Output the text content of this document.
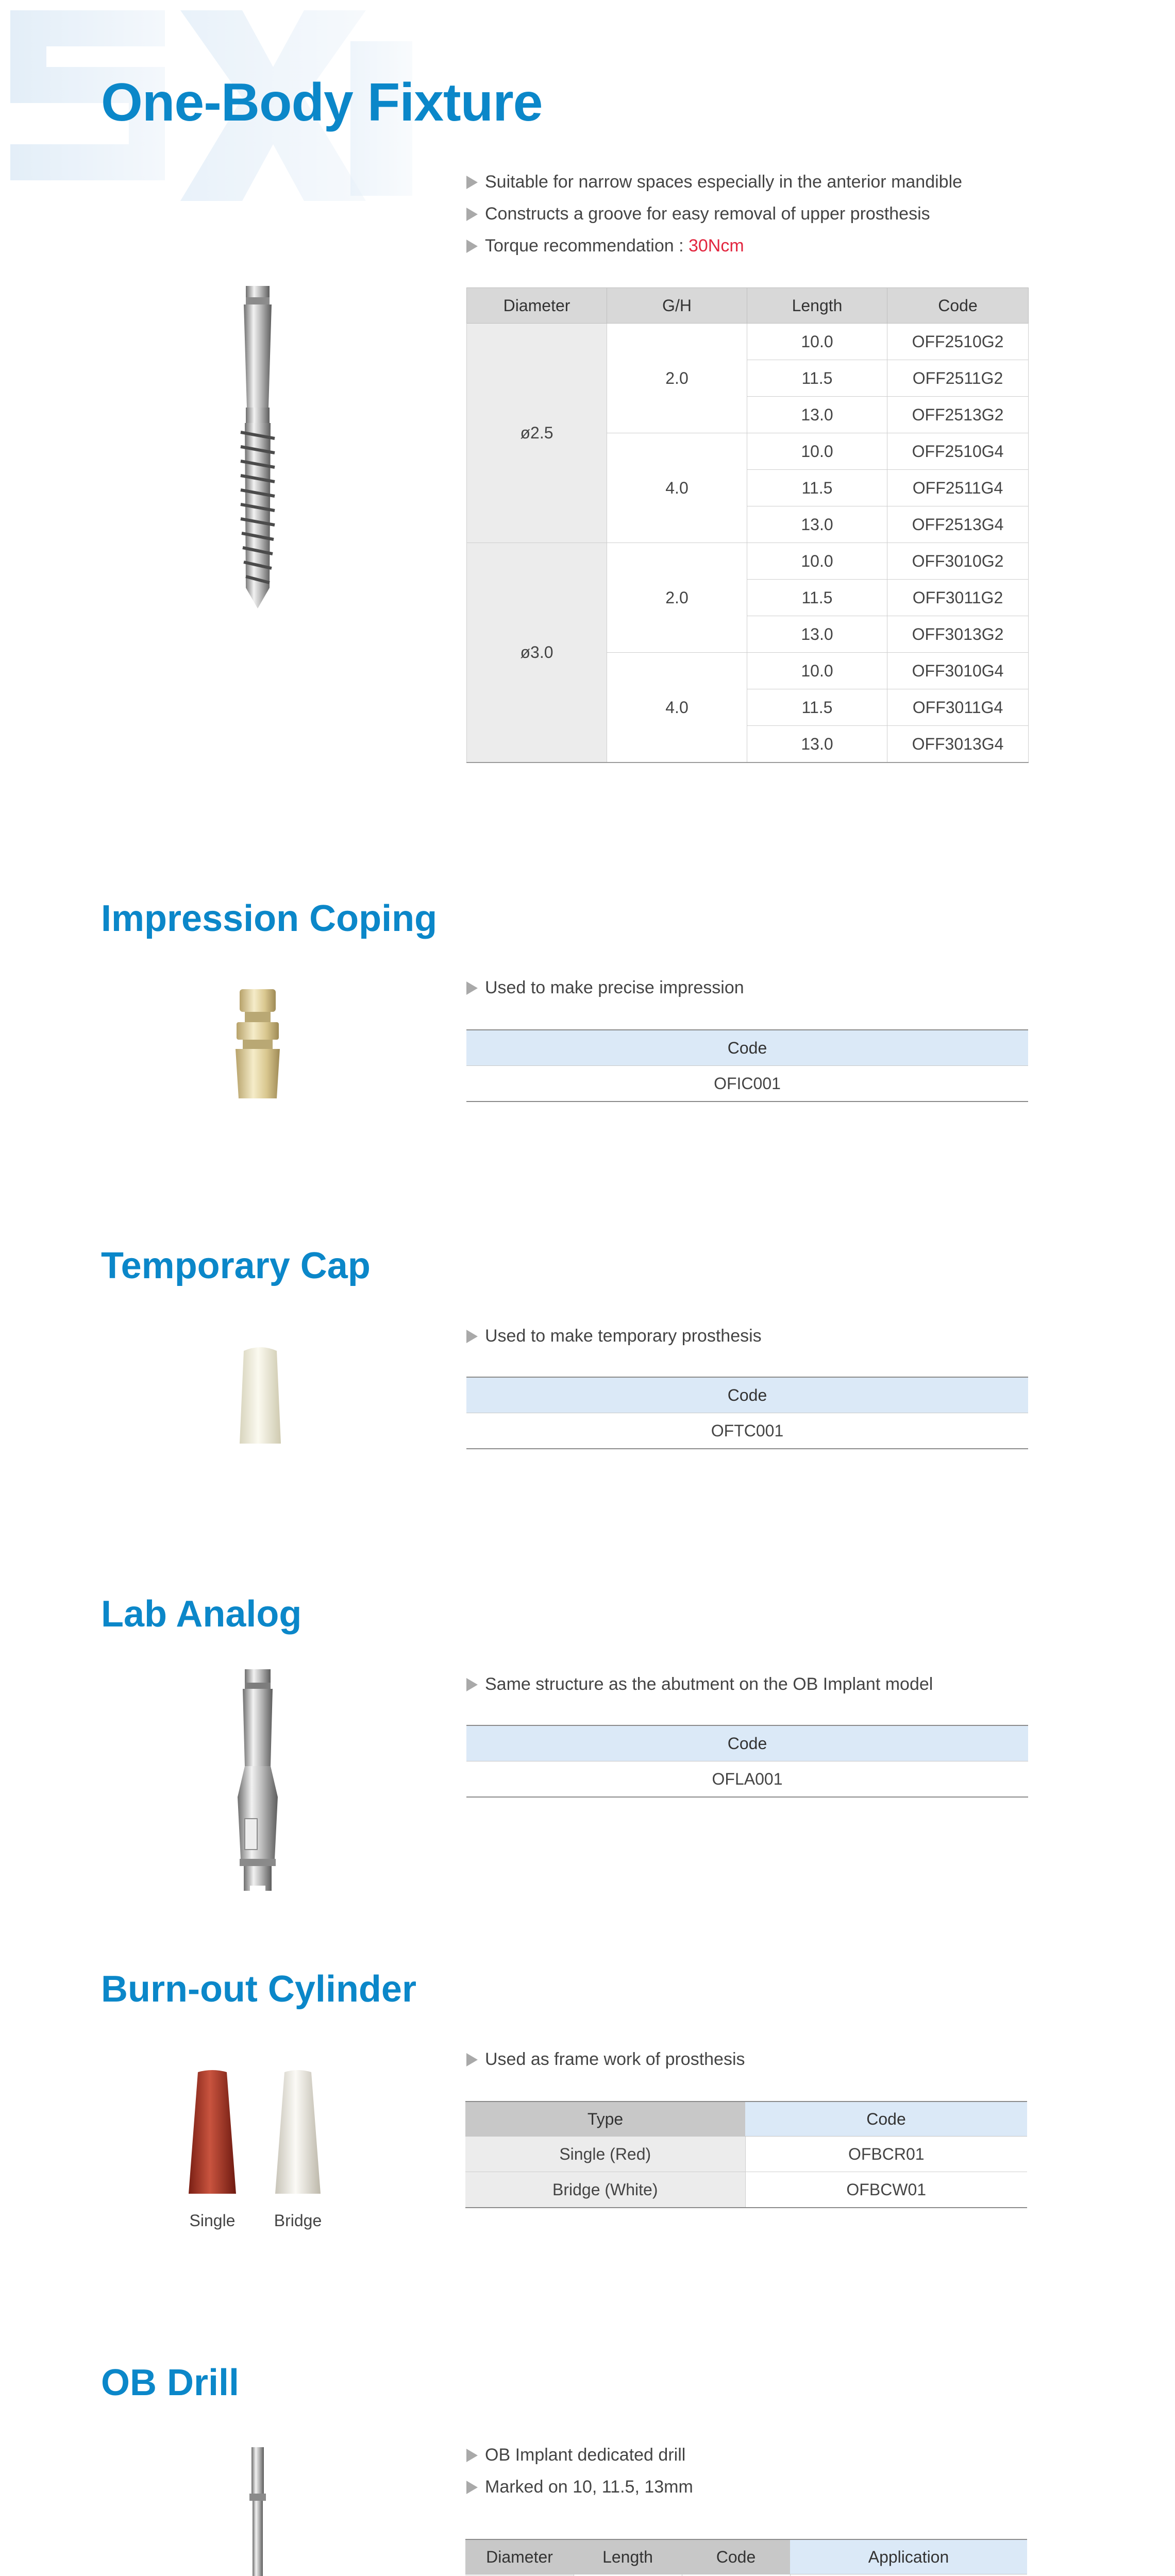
One-Body Fixture
Suitable for narrow spaces especially in the anterior mandible
Constructs a groove for easy removal of upper prosthesis
Torque recommendation : 30Ncm
Diameter	G/H	Length	Code
ø2.5	2.0	10.0	OFF2510G2
		11.5	OFF2511G2
		13.0	OFF2513G2
	4.0	10.0	OFF2510G4
		11.5	OFF2511G4
		13.0	OFF2513G4
ø3.0	2.0	10.0	OFF3010G2
		11.5	OFF3011G2
		13.0	OFF3013G2
	4.0	10.0	OFF3010G4
		11.5	OFF3011G4
		13.0	OFF3013G4
Impression Coping
Used to make precise impression
Code
OFIC001
Temporary Cap
Used to make temporary prosthesis
Code
OFTC001
Lab Analog
Same structure as the abutment on the OB Implant model
Code
OFLA001
Burn-out Cylinder
Used as frame work of prosthesis
Single	Bridge
Type	Code
Single (Red)	OFBCR01
Bridge (White)	OFBCW01
OB Drill
OB Implant dedicated drill
Marked on 10, 11.5, 13mm
Diameter	Length	Code	Application
